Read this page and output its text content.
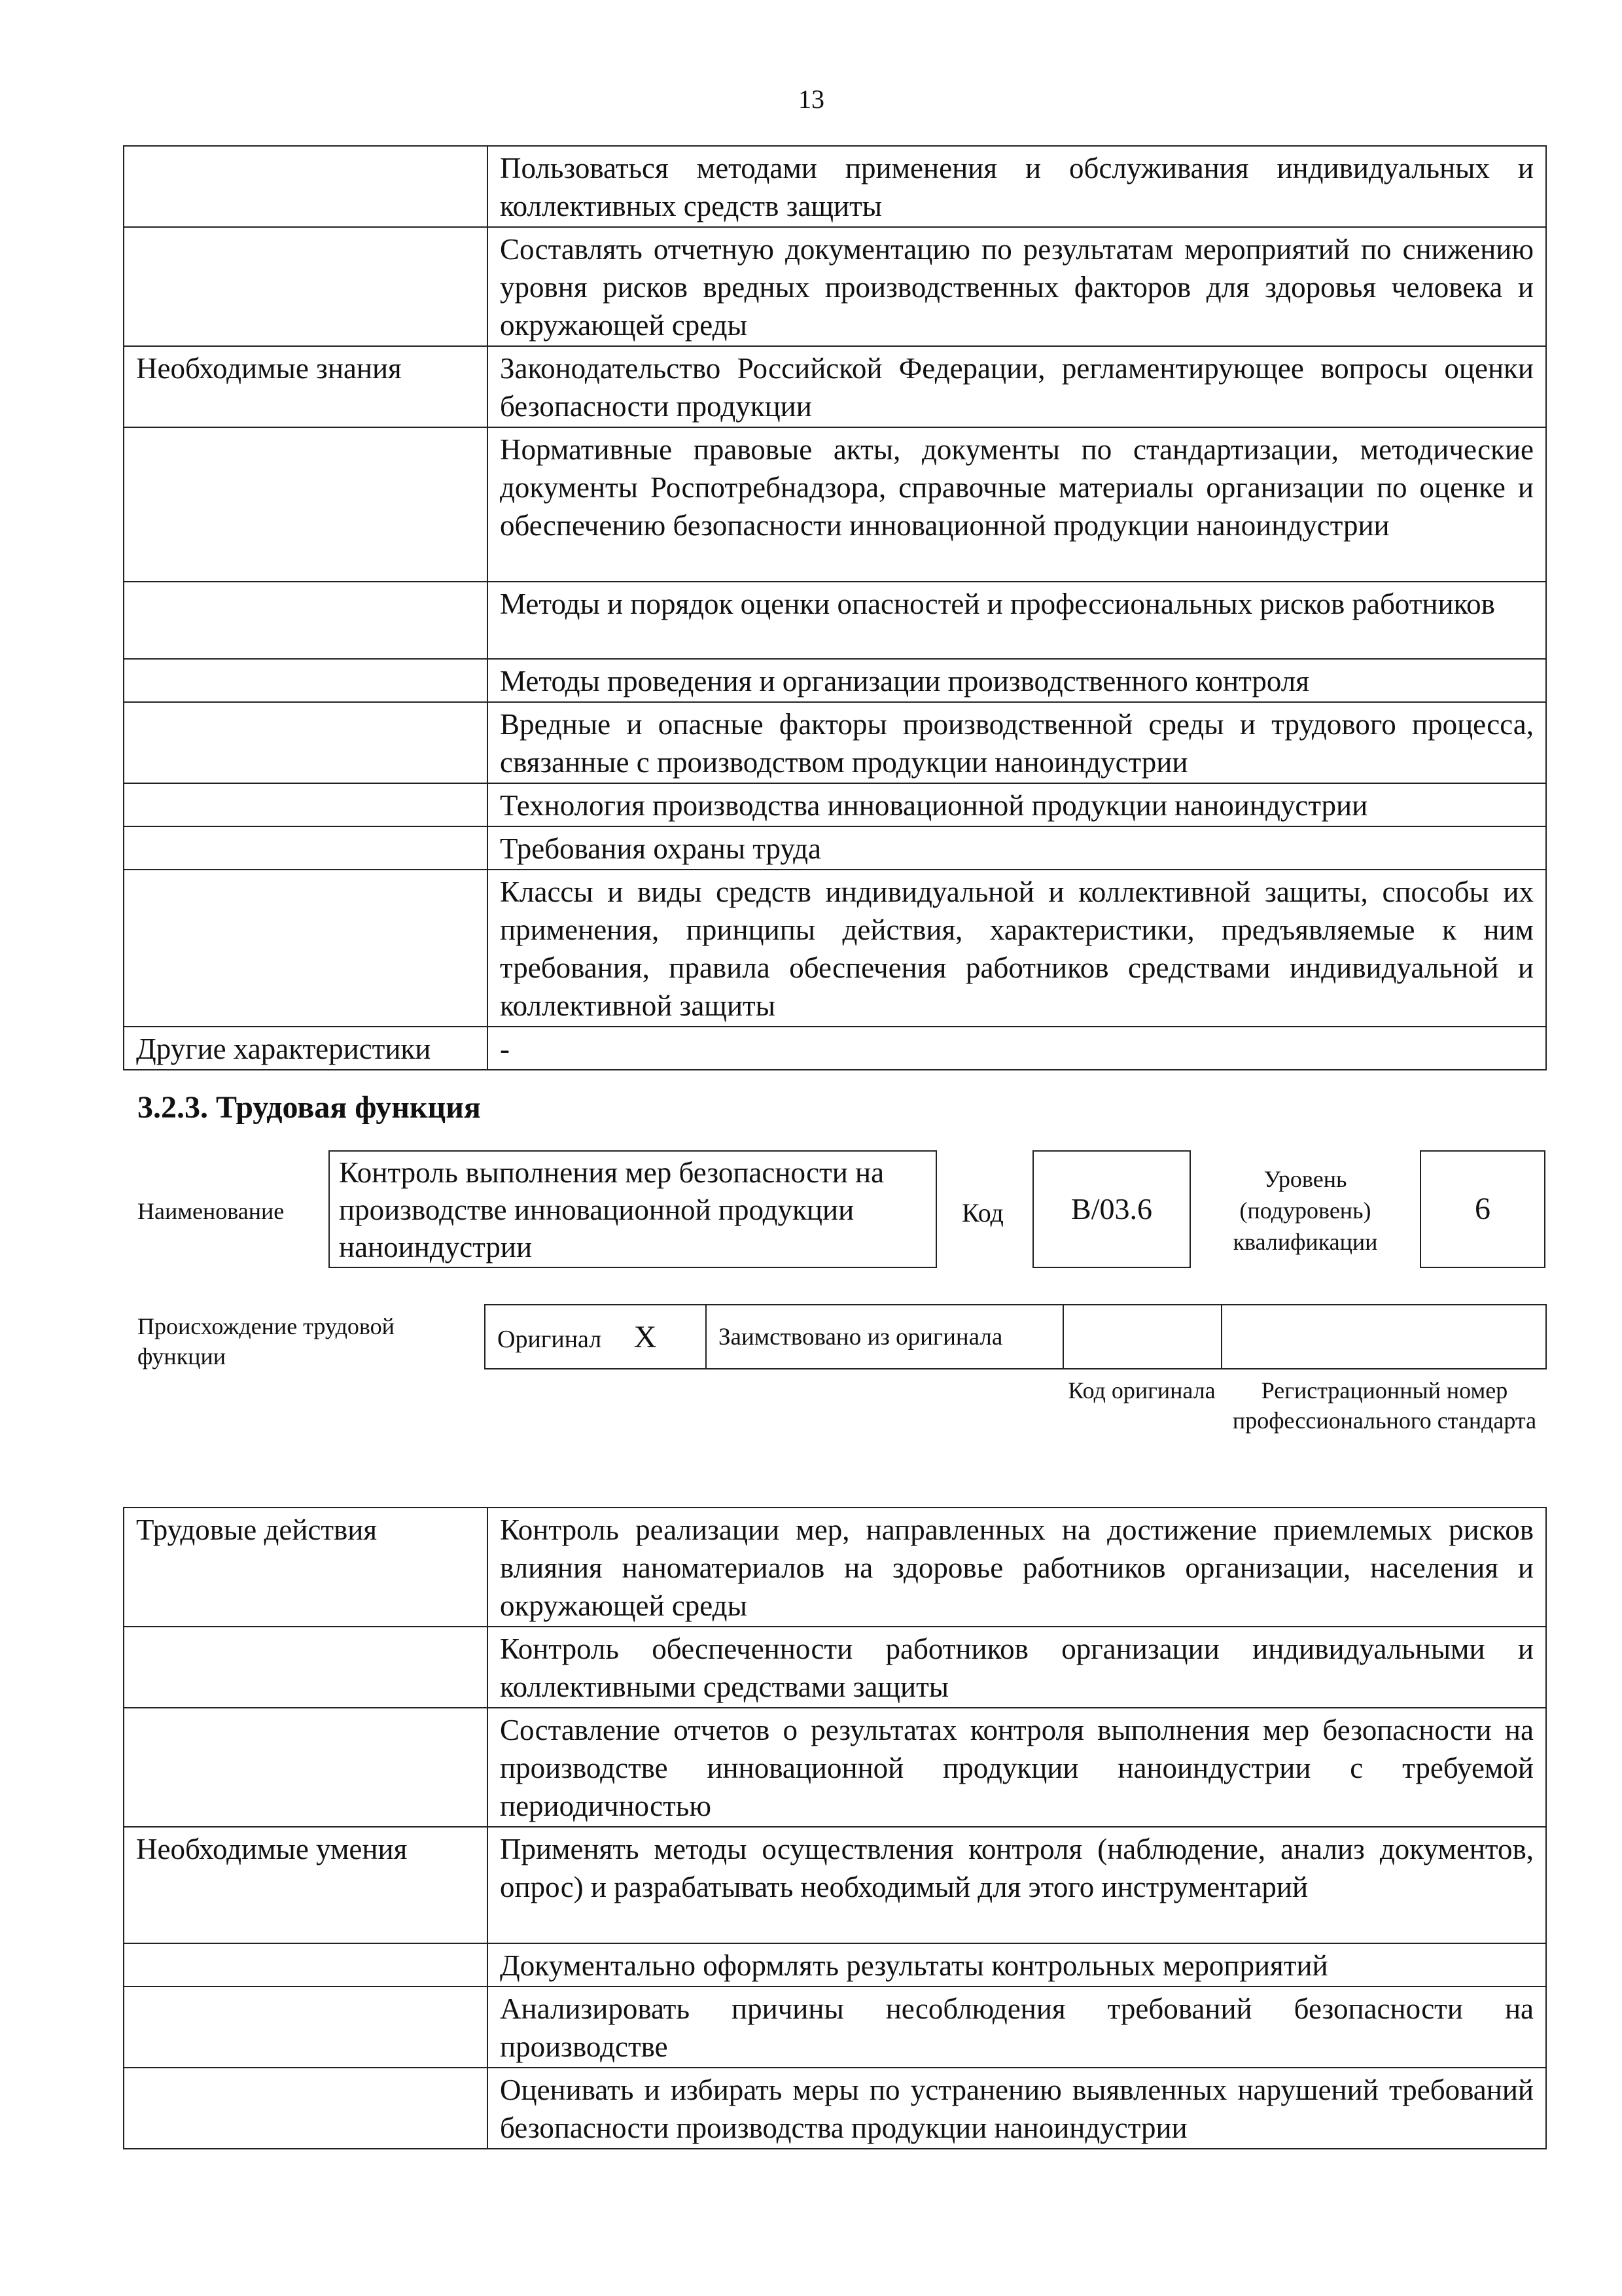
13
	Пользоваться методами применения и обслуживания индивидуальных и коллективных средств защиты
	Составлять отчетную документацию по результатам мероприятий по снижению уровня рисков вредных производственных факторов для здоровья человека и окружающей среды
Необходимые знания	Законодательство Российской Федерации, регламентирующее вопросы оценки безопасности продукции
	Нормативные правовые акты, документы по стандартизации, методические документы Роспотребнадзора, справочные материалы организации по оценке и обеспечению безопасности инновационной продукции наноиндустрии
	Методы и порядок оценки опасностей и профессиональных рисков работников
	Методы проведения и организации производственного контроля
	Вредные и опасные факторы производственной среды и трудового процесса, связанные с производством продукции наноиндустрии
	Технология производства инновационной продукции наноиндустрии
	Требования охраны труда
	Классы и виды средств индивидуальной и коллективной защиты, способы их применения, принципы действия, характеристики, предъявляемые к ним требования, правила обеспечения работников средствами индивидуальной и коллективной защиты
Другие характеристики	-
3.2.3. Трудовая функция
Наименование
Контроль выполнения мер безопасности на производстве инновационной продукции наноиндустрии
Код	B/03.6
Уровень (подуровень) квалификации
6
Происхождение трудовой функции
Оригинал X	Заимствовано из оригинала		
Код оригинала	Регистрационный номер профессионального стандарта
Трудовые действия	Контроль реализации мер, направленных на достижение приемлемых рисков влияния наноматериалов на здоровье работников организации, населения и окружающей среды
	Контроль обеспеченности работников организации индивидуальными и коллективными средствами защиты
	Составление отчетов о результатах контроля выполнения мер безопасности на производстве инновационной продукции наноиндустрии с требуемой периодичностью
Необходимые умения	Применять методы осуществления контроля (наблюдение, анализ документов, опрос) и разрабатывать необходимый для этого инструментарий
	Документально оформлять результаты контрольных мероприятий
	Анализировать причины несоблюдения требований безопасности на производстве
	Оценивать и избирать меры по устранению выявленных нарушений требований безопасности производства продукции наноиндустрии
